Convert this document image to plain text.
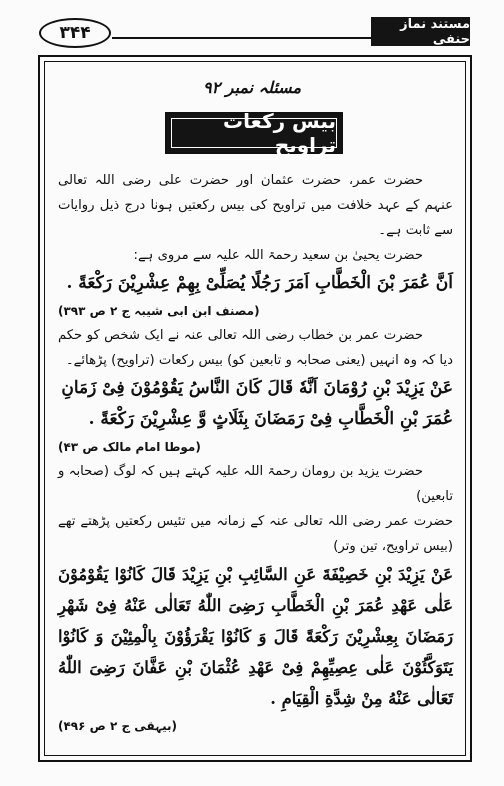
۳۴۴	مستند نماز حنفی
مسئلہ نمبر ۹۲
بیس رکعات تراویح

حضرت عمر، حضرت عثمان اور حضرت علی رضی اللہ تعالی عنہم کے عہد خلافت میں تراویح کی بیس رکعتیں ہونا درج ذیل روایات سے ثابت ہے۔

حضرت یحییٰ بن سعید رحمۃ اللہ علیہ سے مروی ہے:

اَنَّ عُمَرَ بْنَ الْخَطَّابِ اَمَرَ رَجُلًا یُصَلِّیْ بِهِمْ عِشْرِیْنَ رَکْعَةً .

(مصنف ابن ابی شیبہ ج ۲ ص ۳۹۳)

حضرت عمر بن خطاب رضی اللہ تعالی عنہ نے ایک شخص کو حکم دیا کہ وہ انہیں (یعنی صحابہ و تابعین کو) بیس رکعات (تراویح) پڑھائے۔

عَنْ یَزِیْدَ بْنِ رُوْمَانَ اَنَّهٗ قَالَ کَانَ النَّاسُ یَقُوْمُوْنَ فِیْ زَمَانِ
عُمَرَ بْنِ الْخَطَّابِ فِیْ رَمَضَانَ بِثَلَاثٍ وَّ عِشْرِیْنَ رَکْعَةً .

(موطا امام مالک ص ۴۳)

حضرت یزید بن رومان رحمۃ اللہ علیہ کہتے ہیں کہ لوگ (صحابہ و تابعین)

حضرت عمر رضی اللہ تعالی عنہ کے زمانہ میں تئیس رکعتیں پڑھتے تھے (بیس تراویح، تین وتر)

عَنْ یَزِیْدَ بْنِ خَصِیْفَةَ عَنِ السَّائِبِ بْنِ یَزِیْدَ قَالَ کَانُوْا یَقُوْمُوْنَ عَلٰی عَهْدِ عُمَرَ بْنِ الْخَطَّابِ رَضِیَ اللّٰهُ تَعَالٰی عَنْهُ فِیْ شَهْرِ رَمَضَانَ بِعِشْرِیْنَ رَکْعَةً قَالَ وَ کَانُوْا یَقْرَؤُوْنَ بِالْمِئِیْنَ وَ کَانُوْا یَتَوَکَّئُوْنَ عَلٰی عِصِیِّهِمْ فِیْ عَهْدِ عُثْمَانَ بْنِ عَفَّانَ رَضِیَ اللّٰهُ تَعَالٰی عَنْهُ مِنْ شِدَّةِ الْقِیَامِ .

(بیہقی ج ۲ ص ۴۹۶)
